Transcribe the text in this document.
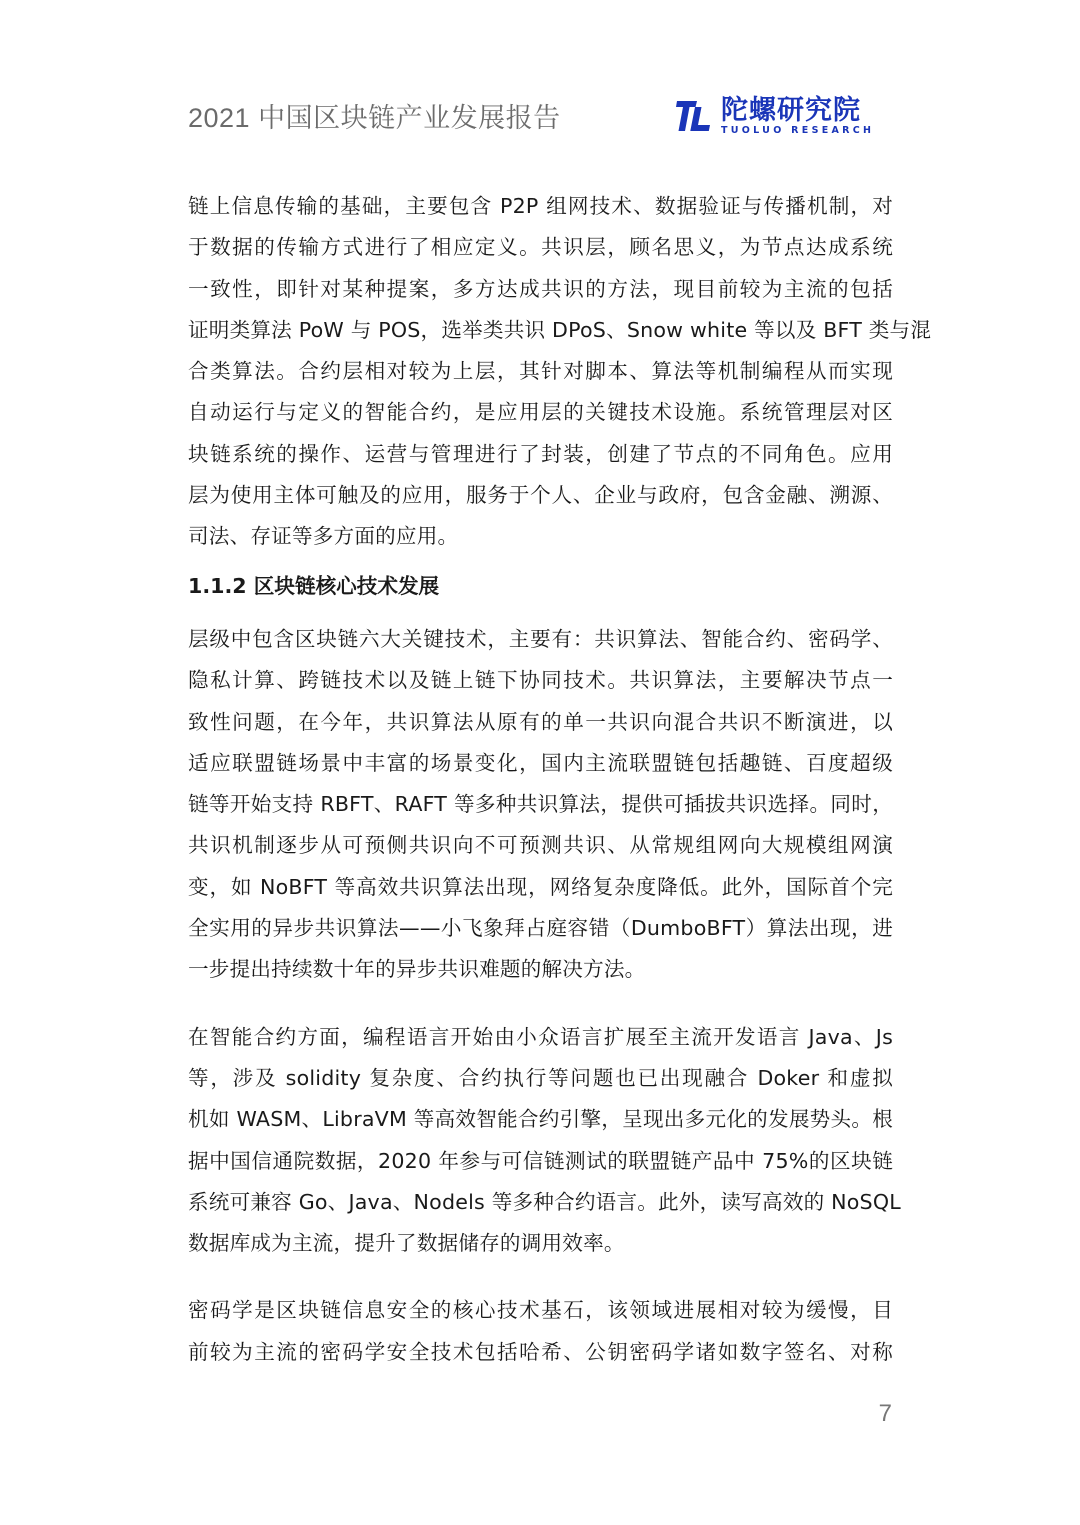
2021 中国区块链产业发展报告	陀螺研究院
TUOLUO RESEARCH

链上信息传输的基础，主要包含 P2P 组网技术、数据验证与传播机制，对
于数据的传输方式进行了相应定义。共识层，顾名思义，为节点达成系统
一致性，即针对某种提案，多方达成共识的方法，现目前较为主流的包括
证明类算法 PoW 与 POS，选举类共识 DPoS、Snow white 等以及 BFT 类与混
合类算法。合约层相对较为上层，其针对脚本、算法等机制编程从而实现
自动运行与定义的智能合约，是应用层的关键技术设施。系统管理层对区
块链系统的操作、运营与管理进行了封装，创建了节点的不同角色。应用
层为使用主体可触及的应用，服务于个人、企业与政府，包含金融、溯源、
司法、存证等多方面的应用。

1.1.2 区块链核心技术发展

层级中包含区块链六大关键技术，主要有：共识算法、智能合约、密码学、
隐私计算、跨链技术以及链上链下协同技术。共识算法，主要解决节点一
致性问题，在今年，共识算法从原有的单一共识向混合共识不断演进，以
适应联盟链场景中丰富的场景变化，国内主流联盟链包括趣链、百度超级
链等开始支持 RBFT、RAFT 等多种共识算法，提供可插拔共识选择。同时，
共识机制逐步从可预侧共识向不可预测共识、从常规组网向大规模组网演
变，如 NoBFT 等高效共识算法出现，网络复杂度降低。此外，国际首个完
全实用的异步共识算法——小飞象拜占庭容错（DumboBFT）算法出现，进
一步提出持续数十年的异步共识难题的解决方法。

在智能合约方面，编程语言开始由小众语言扩展至主流开发语言 Java、Js
等，涉及 solidity 复杂度、合约执行等问题也已出现融合 Doker 和虚拟
机如 WASM、LibraVM 等高效智能合约引擎，呈现出多元化的发展势头。根
据中国信通院数据，2020 年参与可信链测试的联盟链产品中 75%的区块链
系统可兼容 Go、Java、Nodels 等多种合约语言。此外，读写高效的 NoSQL
数据库成为主流，提升了数据储存的调用效率。

密码学是区块链信息安全的核心技术基石，该领域进展相对较为缓慢，目
前较为主流的密码学安全技术包括哈希、公钥密码学诸如数字签名、对称

7
